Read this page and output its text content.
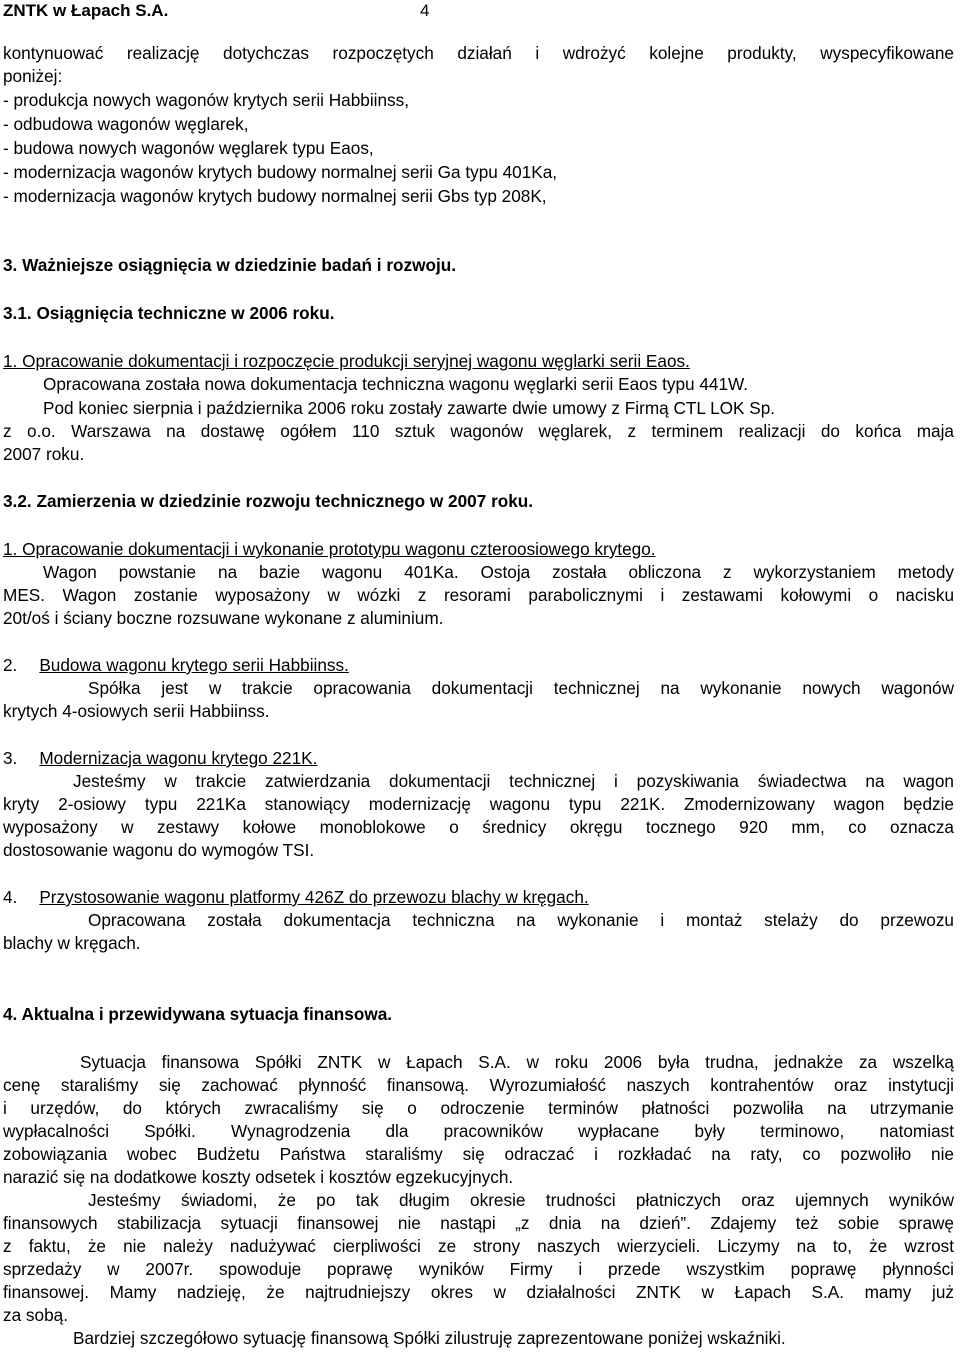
ZNTK w Łapach S.A.	4
kontynuować realizację dotychczas rozpoczętych działań i wdrożyć kolejne produkty, wyspecyfikowane
poniżej:
- produkcja nowych wagonów krytych serii Habbiinss,
- odbudowa wagonów węglarek,
- budowa nowych wagonów węglarek typu Eaos,
- modernizacja wagonów krytych budowy normalnej serii Ga typu 401Ka,
- modernizacja wagonów krytych budowy normalnej serii Gbs typ 208K,
3. Ważniejsze osiągnięcia w dziedzinie badań i rozwoju.
3.1. Osiągnięcia techniczne w 2006 roku.
1. Opracowanie dokumentacji i rozpoczęcie produkcji seryjnej wagonu węglarki serii Eaos.
Opracowana została nowa dokumentacja techniczna wagonu węglarki serii Eaos typu 441W.
Pod koniec sierpnia i października 2006 roku zostały zawarte dwie umowy z Firmą CTL LOK Sp.
z o.o. Warszawa na dostawę ogółem 110 sztuk wagonów węglarek, z terminem realizacji do końca maja
2007 roku.
3.2. Zamierzenia w dziedzinie rozwoju technicznego w 2007 roku.
1. Opracowanie dokumentacji i wykonanie prototypu wagonu czteroosiowego krytego.
Wagon powstanie na bazie wagonu 401Ka. Ostoja została obliczona z wykorzystaniem metody
MES. Wagon zostanie wyposażony w wózki z resorami parabolicznymi i zestawami kołowymi o nacisku
20t/oś i ściany boczne rozsuwane wykonane z aluminium.
2. Budowa wagonu krytego serii Habbiinss.
Spółka jest w trakcie opracowania dokumentacji technicznej na wykonanie nowych wagonów
krytych 4-osiowych serii Habbiinss.
3. Modernizacja wagonu krytego 221K.
Jesteśmy w trakcie zatwierdzania dokumentacji technicznej i pozyskiwania świadectwa na wagon
kryty 2-osiowy typu 221Ka stanowiący modernizację wagonu typu 221K. Zmodernizowany wagon będzie
wyposażony w zestawy kołowe monoblokowe o średnicy okręgu tocznego 920 mm, co oznacza
dostosowanie wagonu do wymogów TSI.
4. Przystosowanie wagonu platformy 426Z do przewozu blachy w kręgach.
Opracowana została dokumentacja techniczna na wykonanie i montaż stelaży do przewozu
blachy w kręgach.
4. Aktualna i przewidywana sytuacja finansowa.
Sytuacja finansowa Spółki ZNTK w Łapach S.A. w roku 2006 była trudna, jednakże za wszelką
cenę staraliśmy się zachować płynność finansową. Wyrozumiałość naszych kontrahentów oraz instytucji
i urzędów, do których zwracaliśmy się o odroczenie terminów płatności pozwoliła na utrzymanie
wypłacalności Spółki. Wynagrodzenia dla pracowników wypłacane były terminowo, natomiast
zobowiązania wobec Budżetu Państwa staraliśmy się odraczać i rozkładać na raty, co pozwoliło nie
narazić się na dodatkowe koszty odsetek i kosztów egzekucyjnych.
Jesteśmy świadomi, że po tak długim okresie trudności płatniczych oraz ujemnych wyników
finansowych stabilizacja sytuacji finansowej nie nastąpi „z dnia na dzień”. Zdajemy też sobie sprawę
z faktu, że nie należy nadużywać cierpliwości ze strony naszych wierzycieli. Liczymy na to, że wzrost
sprzedaży w 2007r. spowoduje poprawę wyników Firmy i przede wszystkim poprawę płynności
finansowej. Mamy nadzieję, że najtrudniejszy okres w działalności ZNTK w Łapach S.A. mamy już
za sobą.
Bardziej szczegółowo sytuację finansową Spółki zilustruję zaprezentowane poniżej wskaźniki.
